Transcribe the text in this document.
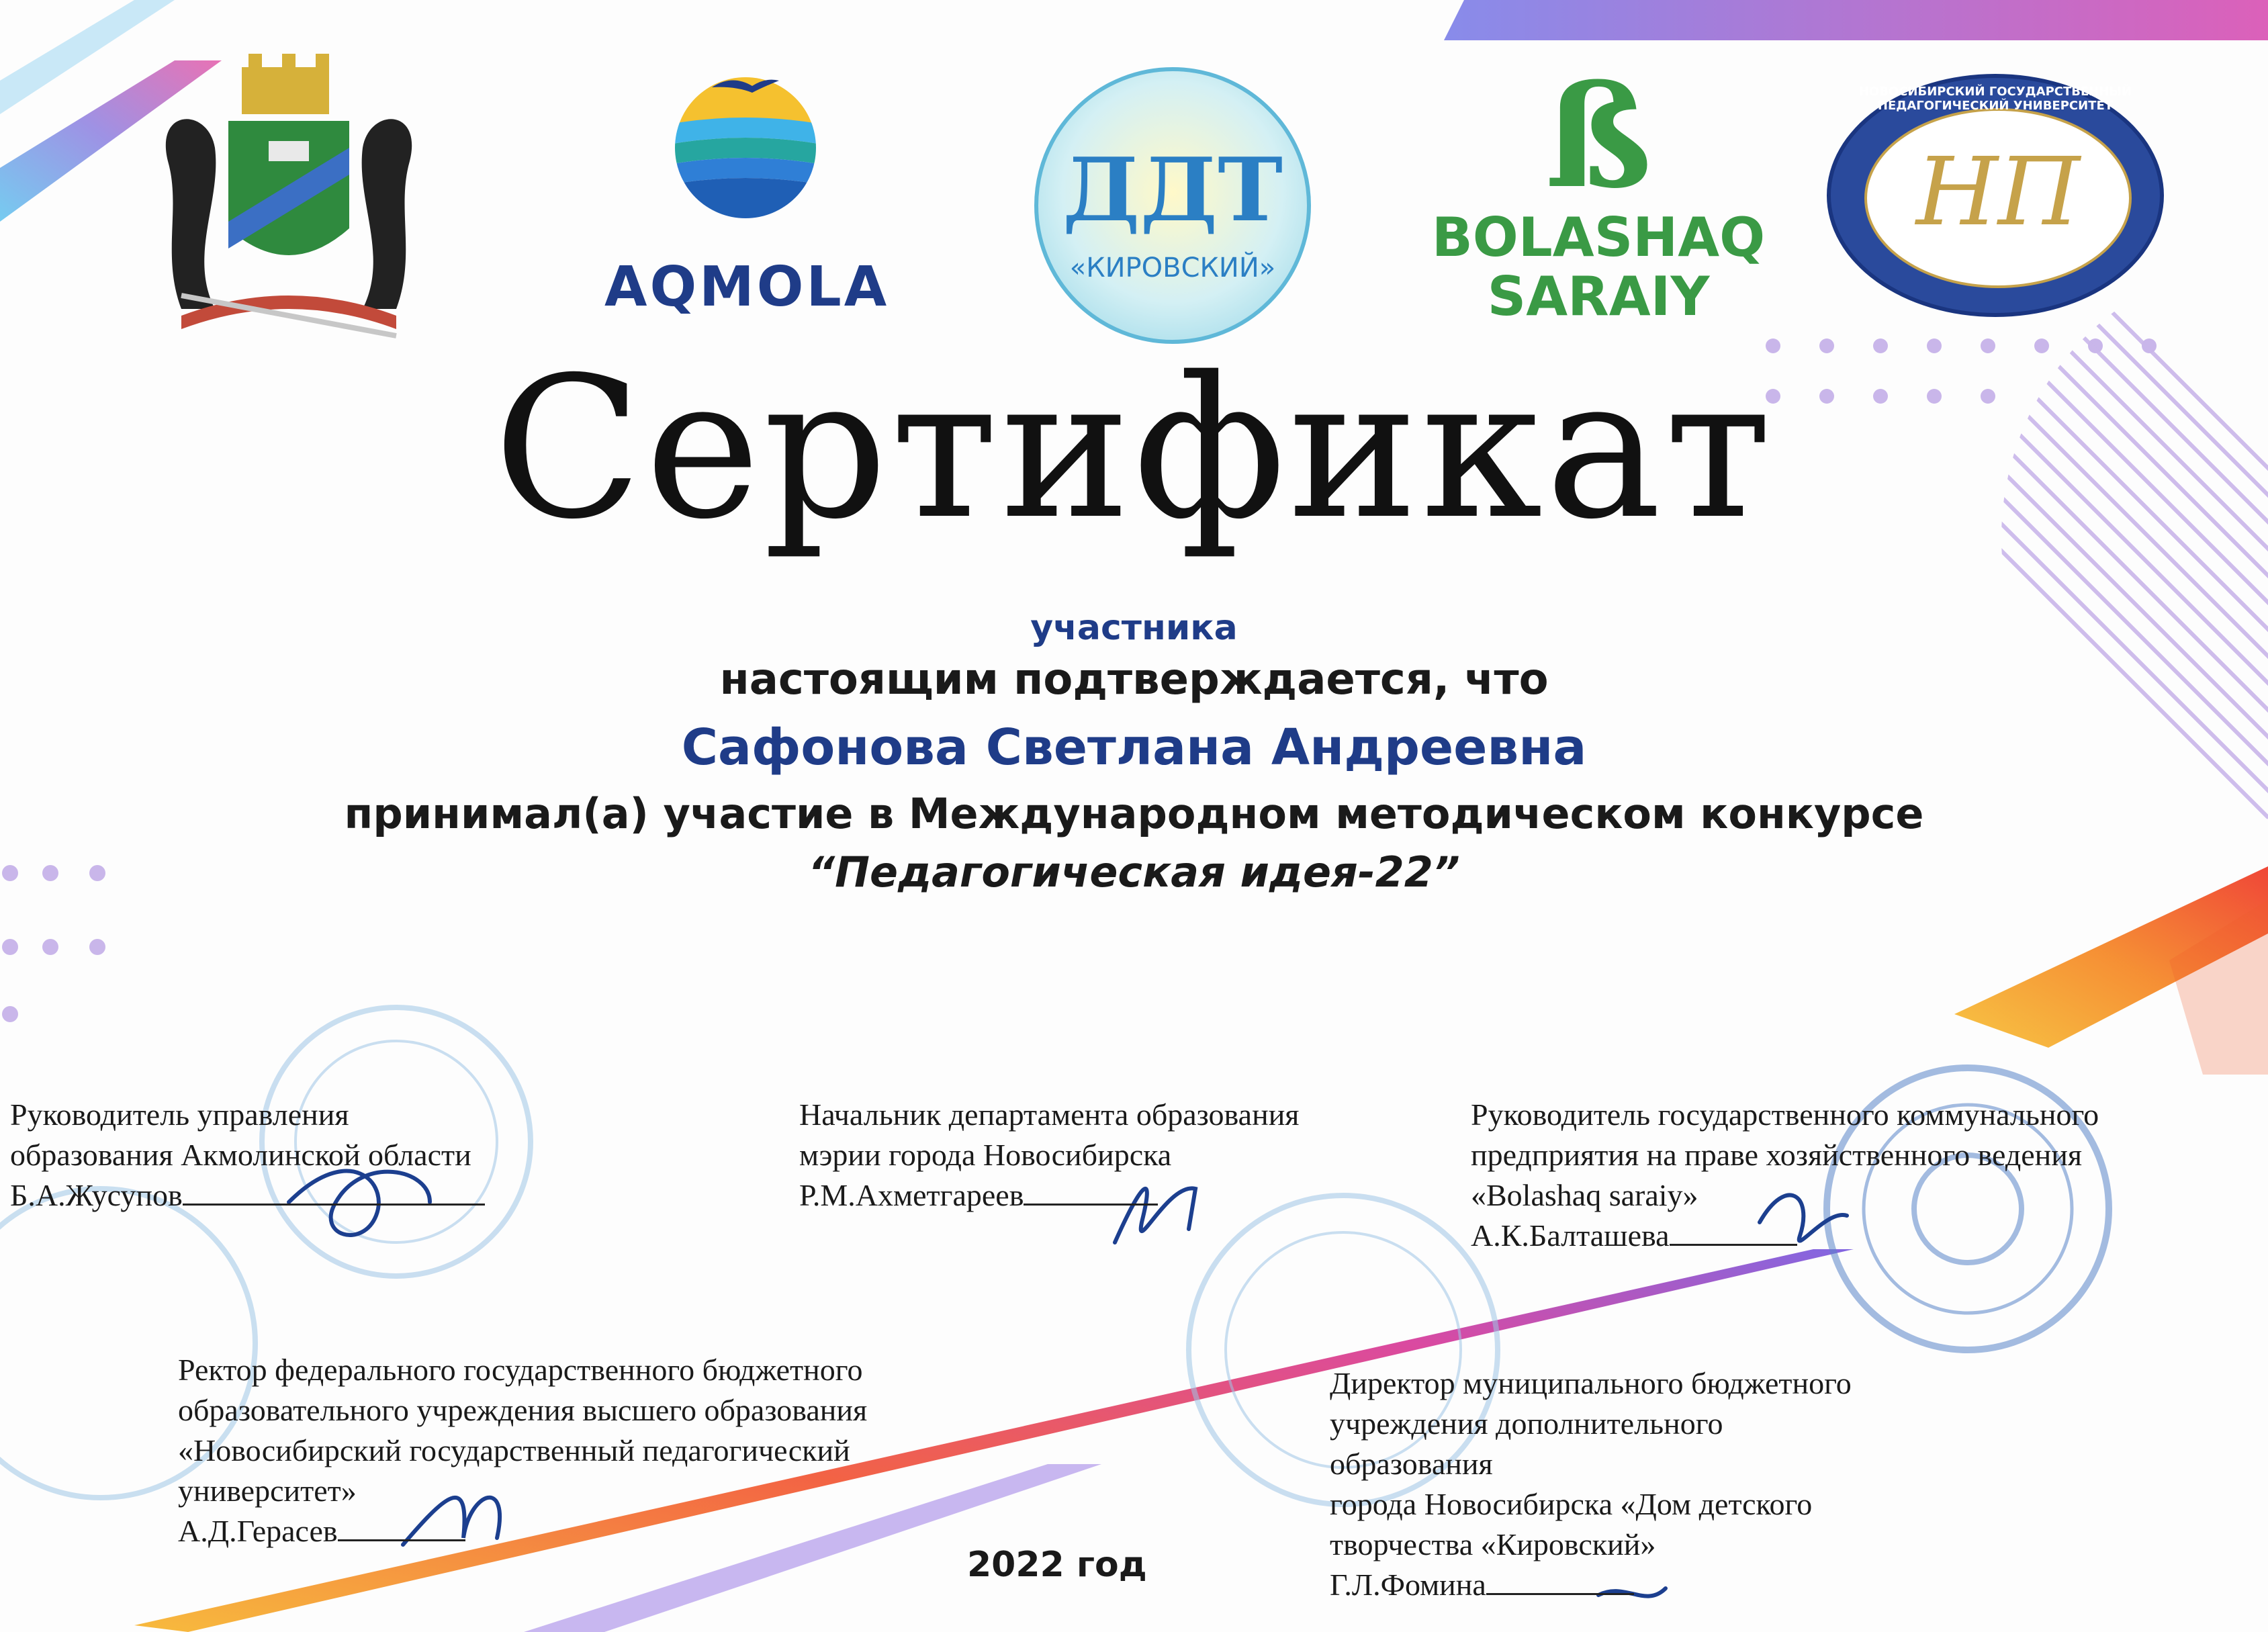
AQMOLA
ДДТ
«КИРОВСКИЙ»
ß
BOLASHAQ
SARAIY
НП
НОВОСИБИРСКИЙ ГОСУДАРСТВЕННЫЙ ПЕДАГОГИЧЕСКИЙ УНИВЕРСИТЕТ
Сертификат
участника
настоящим подтверждается, что
Сафонова Светлана Андреевна
принимал(а) участие в Международном методическом конкурсе
“Педагогическая идея-22”
Руководитель управления
образования Акмолинской области
Б.А.Жусупов
Начальник департамента образования
мэрии города Новосибирска
Р.М.Ахметгареев
Руководитель государственного коммунального
предприятия на праве хозяйственного ведения
«Bolashaq saraiy»
А.К.Балташева
Ректор федерального государственного бюджетного
образовательного учреждения высшего образования
«Новосибирский государственный педагогический
университет»
А.Д.Герасев
Директор муниципального бюджетного
учреждения дополнительного
образования
города Новосибирска «Дом детского
творчества «Кировский»
Г.Л.Фомина
2022 год
